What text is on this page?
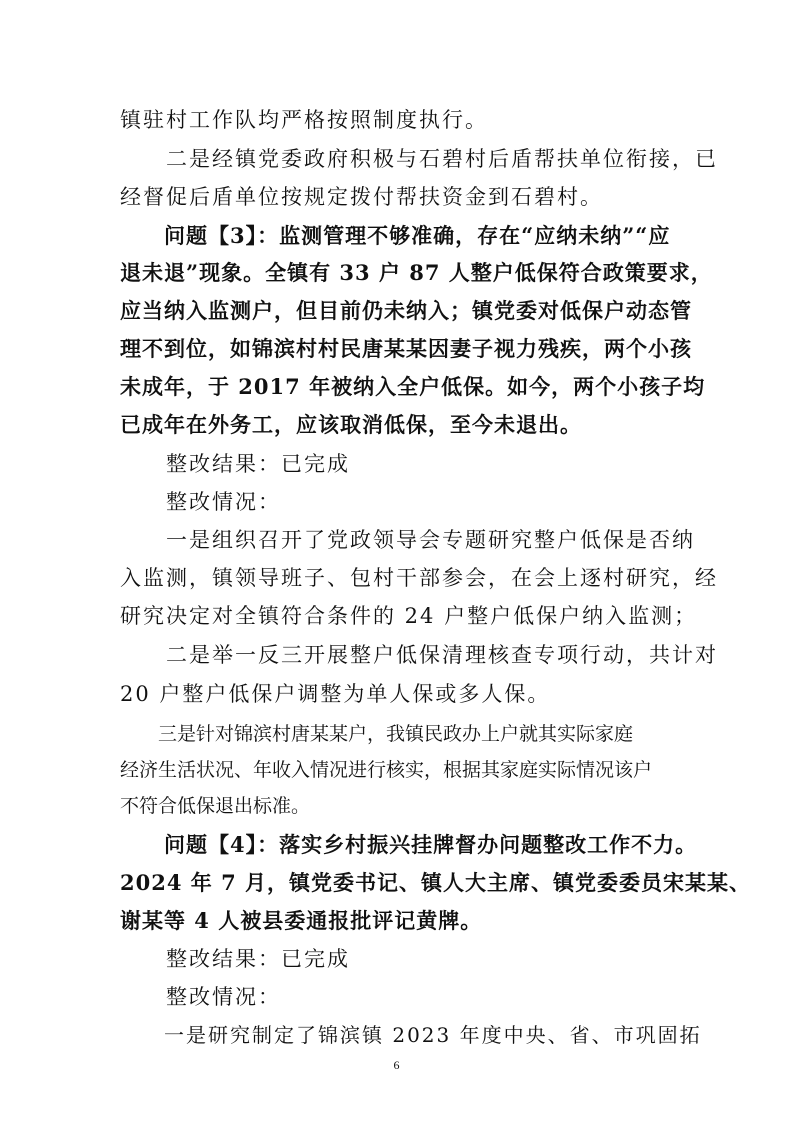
镇驻村工作队均严格按照制度执行。
　　二是经镇党委政府积极与石碧村后盾帮扶单位衔接，已
经督促后盾单位按规定拨付帮扶资金到石碧村。
　　问题【3】：监测管理不够准确，存在“应纳未纳”“应
退未退”现象。全镇有 33 户 87 人整户低保符合政策要求，
应当纳入监测户，但目前仍未纳入；镇党委对低保户动态管
理不到位，如锦滨村村民唐某某因妻子视力残疾，两个小孩
未成年，于 2017 年被纳入全户低保。如今，两个小孩子均
已成年在外务工，应该取消低保，至今未退出。
　　整改结果：已完成
　　整改情况：
　　一是组织召开了党政领导会专题研究整户低保是否纳
入监测，镇领导班子、包村干部参会，在会上逐村研究，经
研究决定对全镇符合条件的 24 户整户低保户纳入监测；
　　二是举一反三开展整户低保清理核查专项行动，共计对
20 户整户低保户调整为单人保或多人保。
　　三是针对锦滨村唐某某户，我镇民政办上户就其实际家庭
经济生活状况、年收入情况进行核实，根据其家庭实际情况该户
不符合低保退出标准。
　　问题【4】：落实乡村振兴挂牌督办问题整改工作不力。
2024 年 7 月，镇党委书记、镇人大主席、镇党委委员宋某某、
谢某等 4 人被县委通报批评记黄牌。
　　整改结果：已完成
　　整改情况：
　　一是研究制定了锦滨镇 2023 年度中央、省、市巩固拓
6
